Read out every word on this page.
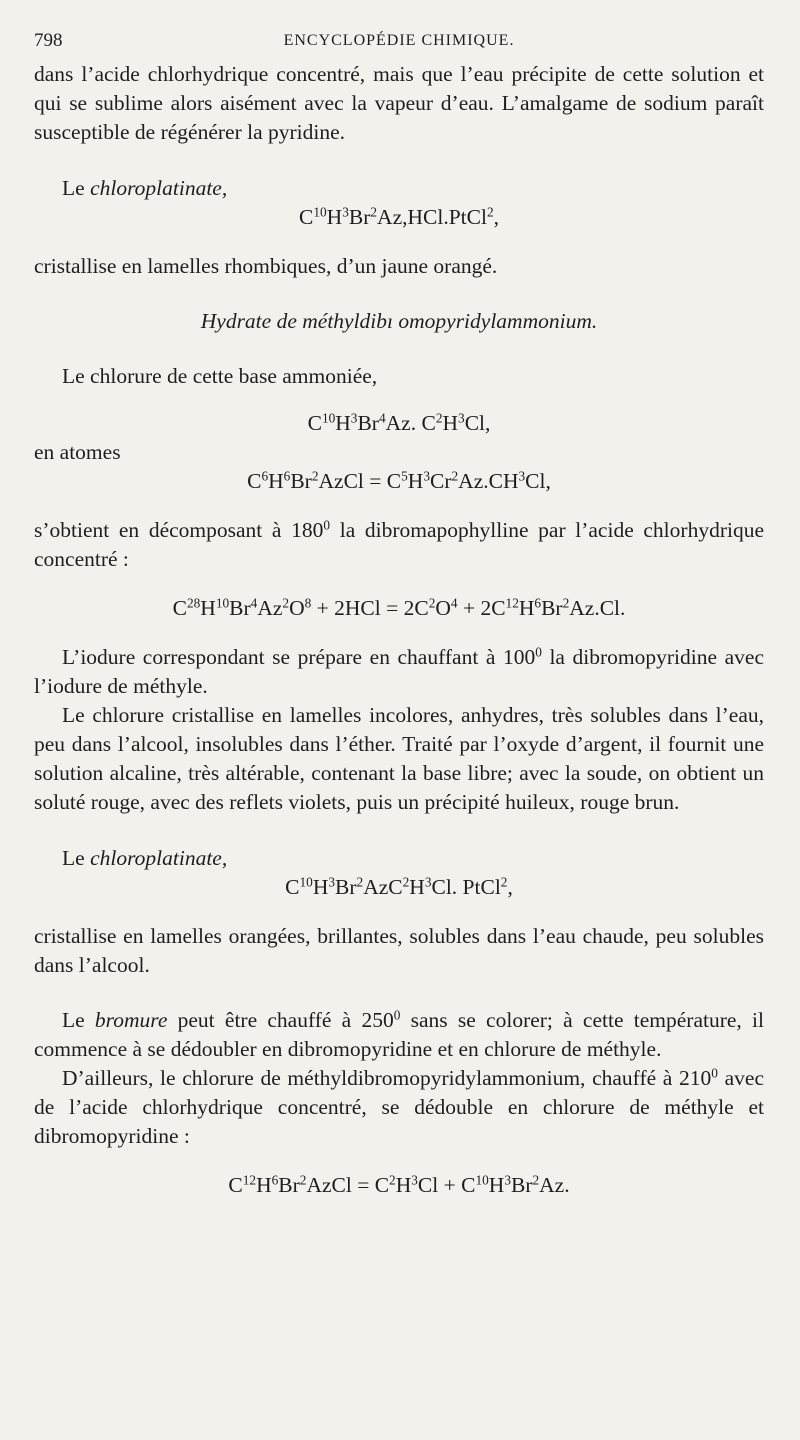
798	ENCYCLOPÉDIE CHIMIQUE.

dans l’acide chlorhydrique concentré, mais que l’eau précipite de cette solution et qui se sublime alors aisément avec la vapeur d’eau. L’amalgame de sodium paraît susceptible de régénérer la pyridine.

Le chloroplatinate,

$C^{10}H^3Br^2Az,HCl.PtCl^2$,

cristallise en lamelles rhombiques, d’un jaune orangé.

Hydrate de méthyldibı omopyridylammonium.

Le chlorure de cette base ammoniée,

$C^{10}H^3Br^4Az$. $C^2H^3Cl$,

en atomes

$C^6H^6Br^2AzCl = C^5H^3Cr^2Az.CH^3Cl$,

s’obtient en décomposant à $180^0$ la dibromapophylline par l’acide chlorhydrique concentré :

$C^{28}H^{10}Br^4Az^2O^8 + 2HCl = 2C^2O^4 + 2C^{12}H^6Br^2Az.Cl$.

L’iodure correspondant se prépare en chauffant à $100^0$ la dibromopyridine avec l’iodure de méthyle.

Le chlorure cristallise en lamelles incolores, anhydres, très solubles dans l’eau, peu dans l’alcool, insolubles dans l’éther. Traité par l’oxyde d’argent, il fournit une solution alcaline, très altérable, contenant la base libre; avec la soude, on obtient un soluté rouge, avec des reflets violets, puis un précipité huileux, rouge brun.

Le chloroplatinate,

$C^{10}H^3Br^2AzC^2H^3Cl$. PtCl$^2$,

cristallise en lamelles orangées, brillantes, solubles dans l’eau chaude, peu solubles dans l’alcool.

Le bromure peut être chauffé à $250^0$ sans se colorer; à cette température, il commence à se dédoubler en dibromopyridine et en chlorure de méthyle.

D’ailleurs, le chlorure de méthyldibromopyridylammonium, chauffé à $210^0$ avec de l’acide chlorhydrique concentré, se dédouble en chlorure de méthyle et dibromopyridine :

$C^{12}H^6Br^2AzCl = C^2H^3Cl + C^{10}H^3Br^2Az$.
